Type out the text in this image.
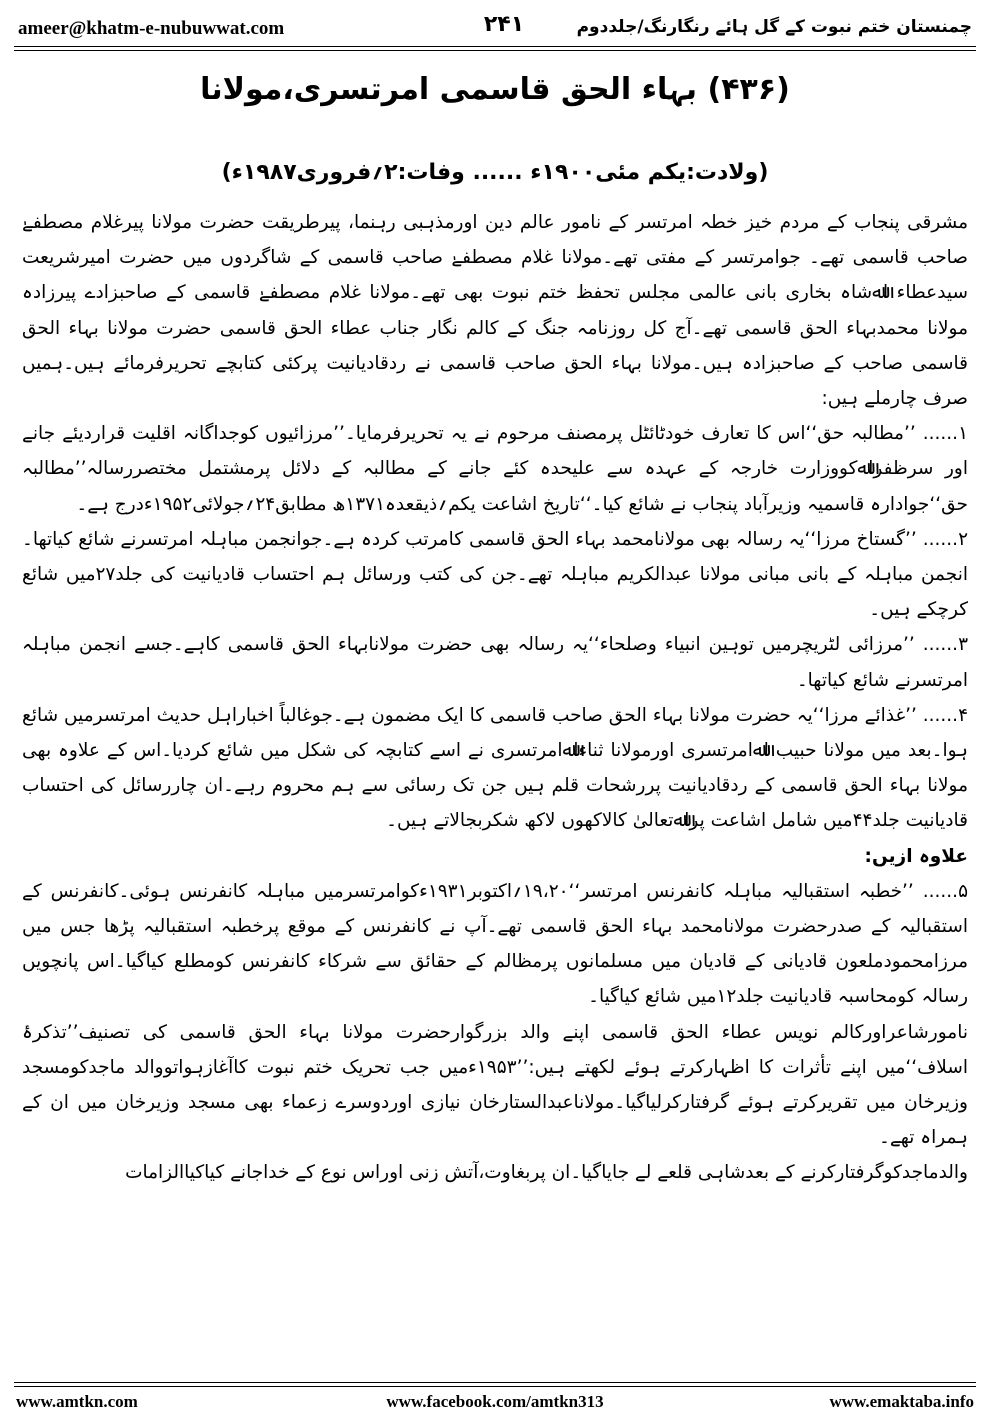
ameer@khatm-e-nubuwwat.com	۲۴۱	چمنستان ختم نبوت کے گل ہائے رنگارنگ/جلددوم
(۴۳۶) بہاء الحق قاسمی امرتسری،مولانا
(ولادت:یکم مئی۱۹۰۰ء ...... وفات:۲؍فروری۱۹۸۷ء)

مشرقی پنجاب کے مردم خیز خطہ امرتسر کے نامور عالم دین اورمذہبی رہنما، پیرطریقت حضرت مولانا پیرغلام مصطفےٰ صاحب قاسمی تھے۔ جوامرتسر کے مفتی تھے۔مولانا غلام مصطفےٰ صاحب قاسمی کے شاگردوں میں حضرت امیرشریعت سیدعطاء اﷲشاہ بخاری بانی عالمی مجلس تحفظ ختم نبوت بھی تھے۔مولانا غلام مصطفےٰ قاسمی کے صاحبزادے پیرزادہ مولانا محمدبہاء الحق قاسمی تھے۔آج کل روزنامہ جنگ کے کالم نگار جناب عطاء الحق قاسمی حضرت مولانا بہاء الحق قاسمی صاحب کے صاحبزادہ ہیں۔مولانا بہاء الحق صاحب قاسمی نے ردقادیانیت پرکئی کتابچے تحریرفرمائے ہیں۔ہمیں صرف چارملے ہیں:

۱...... ’’مطالبہ حق‘‘اس کا تعارف خودٹائٹل پرمصنف مرحوم نے یہ تحریرفرمایا۔’’مرزائیوں کوجداگانہ اقلیت قراردیئے جانے اور سرظفراﷲکووزارت خارجہ کے عہدہ سے علیحدہ کئے جانے کے مطالبہ کے دلائل پرمشتمل مختصررسالہ’’مطالبہ حق‘‘جوادارہ قاسمیہ وزیرآباد پنجاب نے شائع کیا۔‘‘تاریخ اشاعت یکم؍ذیقعدہ۱۳۷۱ھ مطابق۲۴؍جولائی۱۹۵۲ءدرج ہے۔

۲...... ’’گستاخ مرزا‘‘یہ رسالہ بھی مولانامحمد بہاء الحق قاسمی کامرتب کردہ ہے۔جوانجمن مباہلہ امرتسرنے شائع کیاتھا۔انجمن مباہلہ کے بانی مبانی مولانا عبدالکریم مباہلہ تھے۔جن کی کتب ورسائل ہم احتساب قادیانیت کی جلد۲۷میں شائع کرچکے ہیں۔

۳...... ’’مرزائی لٹریچرمیں توہین انبیاء وصلحاء‘‘یہ رسالہ بھی حضرت مولانابہاء الحق قاسمی کاہے۔جسے انجمن مباہلہ امرتسرنے شائع کیاتھا۔

۴...... ’’غذائے مرزا‘‘یہ حضرت مولانا بہاء الحق صاحب قاسمی کا ایک مضمون ہے۔جوغالباً اخباراہل حدیث امرتسرمیں شائع ہوا۔بعد میں مولانا حبیب اﷲامرتسری اورمولانا ثناءاﷲامرتسری نے اسے کتابچہ کی شکل میں شائع کردیا۔اس کے علاوہ بھی مولانا بہاء الحق قاسمی کے ردقادیانیت پررشحات قلم ہیں جن تک رسائی سے ہم محروم رہے۔ان چاررسائل کی احتساب قادیانیت جلد۴۴میں شامل اشاعت پراﷲتعالیٰ کالاکھوں لاکھ شکربجالاتے ہیں۔

علاوہ ازیں:

۵...... ’’خطبہ استقبالیہ مباہلہ کانفرنس امرتسر‘‘۱۹،۲۰؍اکتوبر۱۹۳۱ءکوامرتسرمیں مباہلہ کانفرنس ہوئی۔کانفرنس کے استقبالیہ کے صدرحضرت مولانامحمد بہاء الحق قاسمی تھے۔آپ نے کانفرنس کے موقع پرخطبہ استقبالیہ پڑھا جس میں مرزامحمودملعون قادیانی کے قادیان میں مسلمانوں پرمظالم کے حقائق سے شرکاء کانفرنس کومطلع کیاگیا۔اس پانچویں رسالہ کومحاسبہ قادیانیت جلد۱۲میں شائع کیاگیا۔

نامورشاعراورکالم نویس عطاء الحق قاسمی اپنے والد بزرگوارحضرت مولانا بہاء الحق قاسمی کی تصنیف’’تذکرۂ اسلاف‘‘میں اپنے تأثرات کا اظہارکرتے ہوئے لکھتے ہیں:’’۱۹۵۳ءمیں جب تحریک ختم نبوت کاآغازہواتووالد ماجدکومسجد وزیرخان میں تقریرکرتے ہوئے گرفتارکرلیاگیا۔مولاناعبدالستارخان نیازی اوردوسرے زعماء بھی مسجد وزیرخان میں ان کے ہمراہ تھے۔

والدماجدکوگرفتارکرنے کے بعدشاہی قلعے لے جایاگیا۔ان پربغاوت،آتش زنی اوراس نوع کے خداجانے کیاکیاالزامات

www.facebook.com/amtkn313
www.amtkn.com	www.emaktaba.info
